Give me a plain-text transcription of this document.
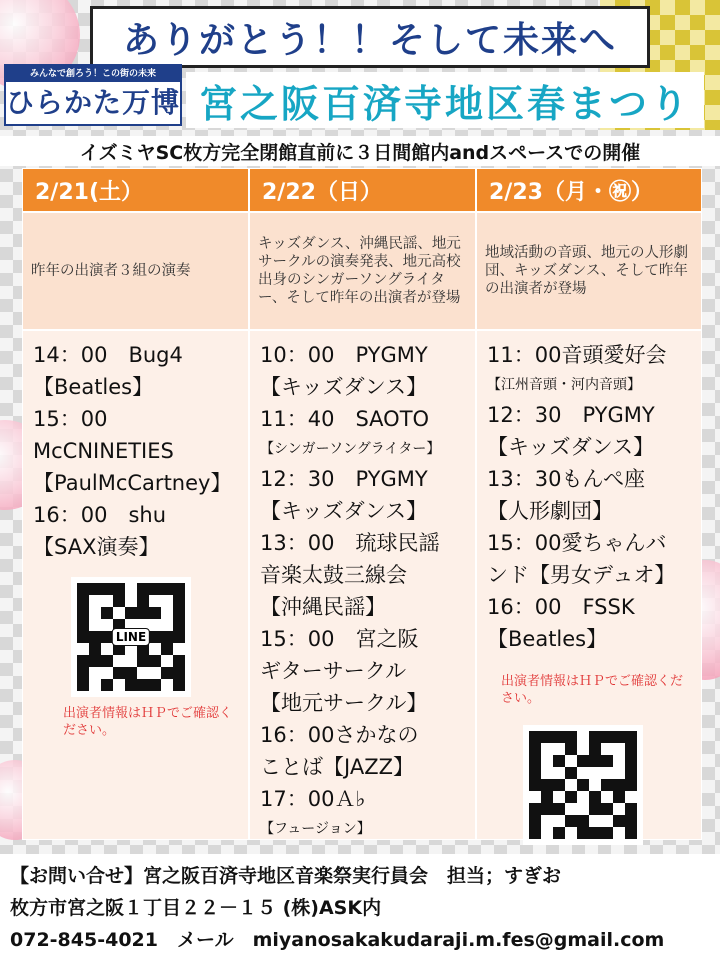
ありがとう！！そして未来へ
みんなで創ろう！この街の未来
ひらかた万博 宮之阪百済寺地区春まつり
イズミヤSC枚方完全閉館直前に３日間館内andスペースでの開催
2/21(土）	2/22（日）	2/23（月・㊗）
昨年の出演者３組の演奏
キッズダンス、沖縄民謡、地元サークルの演奏発表、地元高校出身のシンガーソングライター、そして昨年の出演者が登場
地域活動の音頭、地元の人形劇団、キッズダンス、そして昨年の出演者が登場
14：00　Bug4
【Beatles】
15：00
McCNINETIES
【PaulMcCartney】
16：00　shu
【SAX演奏】
LINE
出演者情報はＨＰでご確認ください。
10：00　PYGMY
【キッズダンス】
11：40　SAOTO
【シンガーソングライター】
12：30　PYGMY
【キッズダンス】
13：00　琉球民謡
音楽太鼓三線会
【沖縄民謡】
15：00　宮之阪
ギターサークル
【地元サークル】
16：00さかなの
ことば【JAZZ】
17：00Ａ♭
【フュージョン】
11：00音頭愛好会
【江州音頭・河内音頭】
12：30　PYGMY
【キッズダンス】
13：30もんぺ座
【人形劇団】
15：00愛ちゃんバ
ンド【男女デュオ】
16：00　FSSK
【Beatles】
出演者情報はＨＰでご確認ください。
【お問い合せ】宮之阪百済寺地区音楽祭実行員会　担当；すぎお
枚方市宮之阪１丁目２２－１５ (株)ASK内
072-845-4021　メール　miyanosakakudaraji.m.fes@gmail.com
